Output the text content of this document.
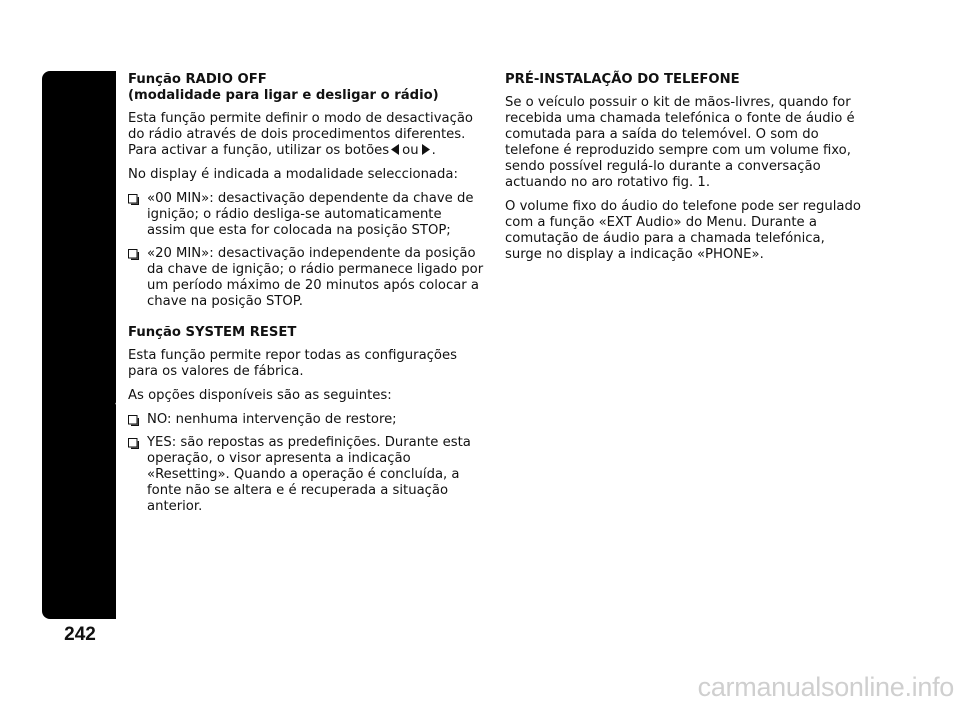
AUTO-RÁDIO
242
Função RADIO OFF
(modalidade para ligar e desligar o rádio)

Esta função permite definir o modo de desactivação do rádio através de dois procedimentos diferentes. Para activar a função, utilizar os botões ou .

No display é indicada a modalidade seleccionada:

«00 MIN»: desactivação dependente da chave de ignição; o rádio desliga-se automaticamente assim que esta for colocada na posição STOP;
«20 MIN»: desactivação independente da posição da chave de ignição; o rádio permanece ligado por um período máximo de 20 minutos após colocar a chave na posição STOP.
Função SYSTEM RESET

Esta função permite repor todas as configurações para os valores de fábrica.

As opções disponíveis são as seguintes:

NO: nenhuma intervenção de restore;
YES: são repostas as predefinições. Durante esta operação, o visor apresenta a indicação «Resetting». Quando a operação é concluída, a fonte não se altera e é recuperada a situação anterior.
PRÉ-INSTALAÇÃO DO TELEFONE

Se o veículo possuir o kit de mãos-livres, quando for recebida uma chamada telefónica o fonte de áudio é comutada para a saída do telemóvel. O som do telefone é reproduzido sempre com um volume fixo, sendo possível regulá-lo durante a conversação actuando no aro rotativo fig. 1.

O volume fixo do áudio do telefone pode ser regulado com a função «EXT Audio» do Menu. Durante a comutação de áudio para a chamada telefónica, surge no display a indicação «PHONE».

carmanualsonline.info
